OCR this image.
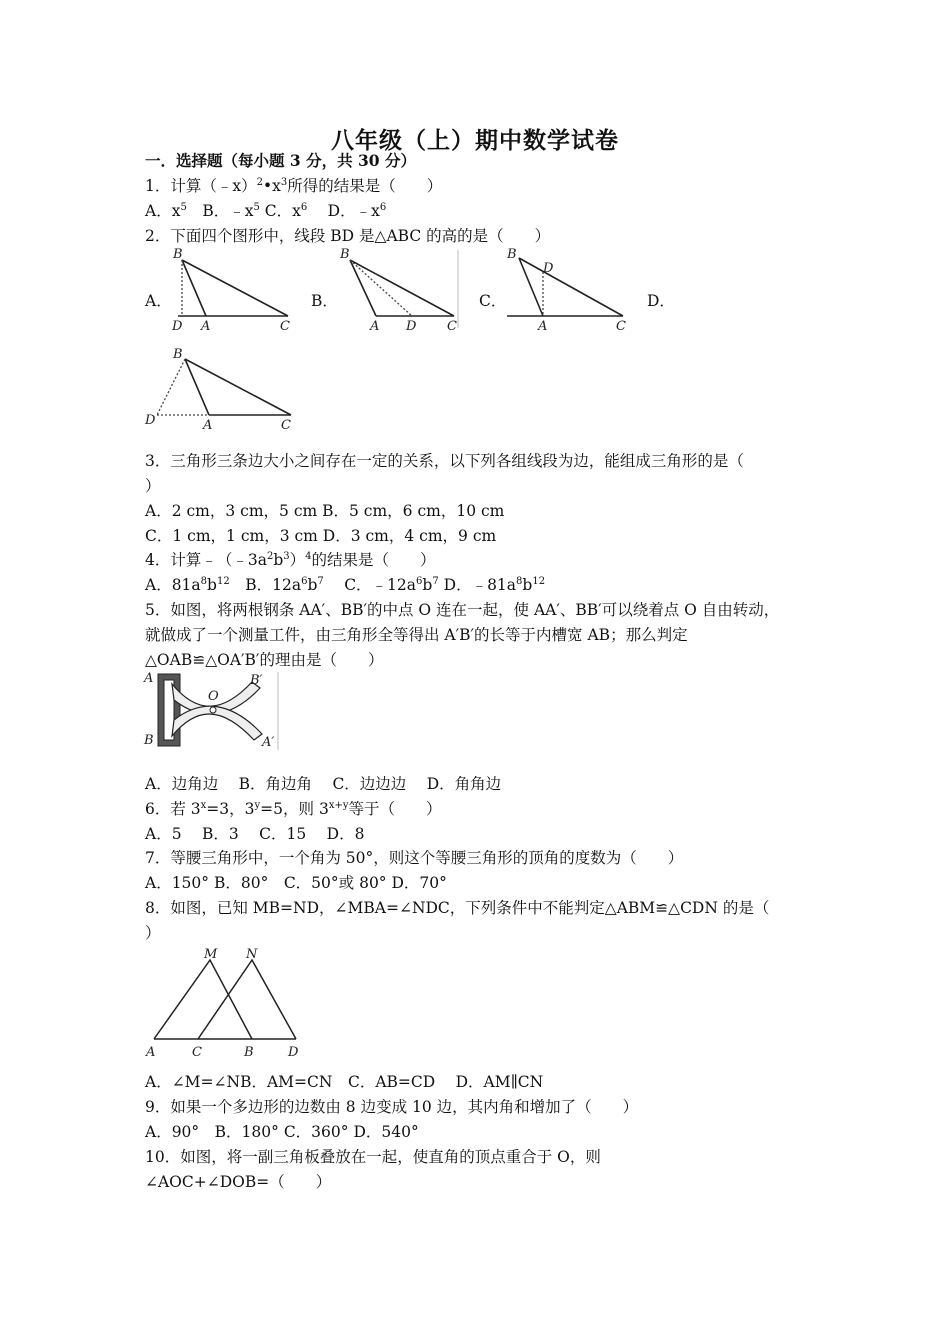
八年级（上）期中数学试卷
一．选择题（每小题 3 分，共 30 分）
1．计算$(﹣x)^2•x^3$所得的结果是（　　）
A．$x^5$　B．$﹣x^5$ C．$x^6$　 D．$﹣x^6$
2．下面四个图形中，线段 BD 是△ABC 的高的是（　　）
A．	B．	C．	D．
B
D A	C
B
A D C
B
D
A	C
B
D	A	C
3．三角形三条边大小之间存在一定的关系，以下列各组线段为边，能组成三角形的是（
）
A．2 cm，3 cm，5 cm B．5 cm，6 cm，10 cm
C．1 cm，1 cm，3 cm D．3 cm，4 cm，9 cm
4．计算$﹣(﹣3a^2b^3)^4$的结果是（　　）
A．$81a^8b^{12}$　B．$12a^6b^7$　 C．$﹣12a^6b^7$ D．$﹣81a^8b^{12}$
5．如图，将两根钢条 AA′、BB′的中点 O 连在一起，使 AA′、BB′可以绕着点 O 自由转动，
就做成了一个测量工件，由三角形全等得出 A′B′的长等于内槽宽 AB；那么判定
△OAB≌△OA′B′的理由是（　　）
A
B
O
B′
A′
A．边角边　 B．角边角　 C．边边边　 D．角角边
6．若 $3^x=3$，$3^y=5$，则 $3^{x+y}$等于（　　）
A．5　 B．3　 C．15　 D．8
7．等腰三角形中，一个角为 50°，则这个等腰三角形的顶角的度数为（　　）
A．150° B．80°　C．50°或 80° D．70°
8．如图，已知 MB=ND，∠MBA=∠NDC，下列条件中不能判定△ABM≌△CDN 的是（
）
M N
A	C	B	D
A．∠M=∠NB．AM=CN　C．AB=CD　 D．AM∥CN
9．如果一个多边形的边数由 8 边变成 10 边，其内角和增加了（　　）
A．90°　B．180° C．360° D．540°
10．如图，将一副三角板叠放在一起，使直角的顶点重合于 O，则
∠AOC+∠DOB=（　　）
